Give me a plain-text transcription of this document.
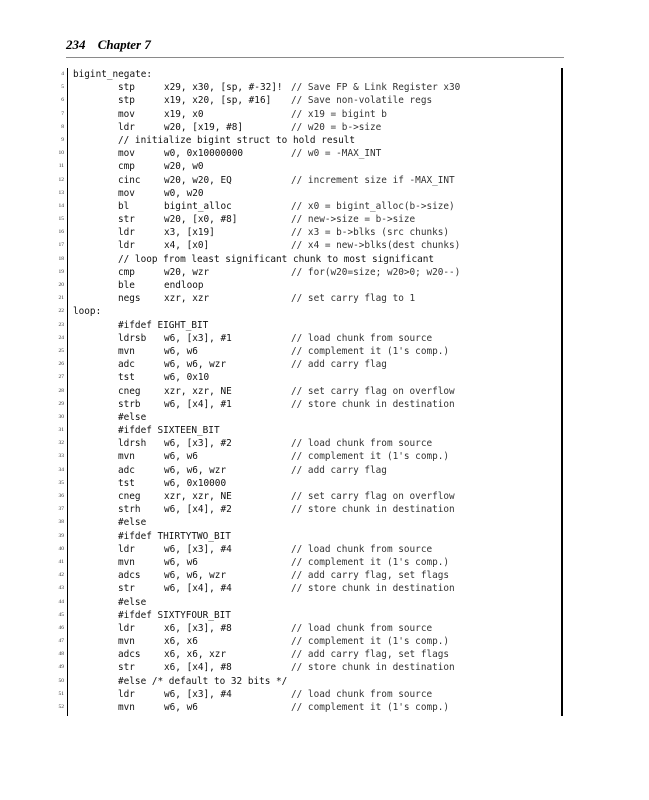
234 Chapter 7
4
5
6
7
8
9
10
11
12
13
14
15
16
17
18
19
20
21
22
23
24
25
26
27
28
29
30
31
32
33
34
35
36
37
38
39
40
41
42
43
44
45
46
47
48
49
50
51
52
bigint_negate:
stp	x29, x30, [sp, #-32]! // Save FP & Link Register x30
stp	x19, x20, [sp, #16] // Save non-volatile regs
mov	x19, x0	// x19 = bigint b
ldr	w20, [x19, #8]	// w20 = b->size
// initialize bigint struct to hold result
mov	w0, 0x10000000	// w0 = -MAX_INT
cmp	w20, w0
cinc w20, w20, EQ	// increment size if -MAX_INT
mov	w0, w20
bl	bigint_alloc	// x0 = bigint_alloc(b->size)
str	w20, [x0, #8]	// new->size = b->size
ldr	x3, [x19]	// x3 = b->blks (src chunks)
ldr	x4, [x0]	// x4 = new->blks(dest chunks)
// loop from least significant chunk to most significant
cmp	w20, wzr	// for(w20=size; w20>0; w20--)
ble	endloop
negs xzr, xzr	// set carry flag to 1
loop:
#ifdef EIGHT_BIT
ldrsb w6, [x3], #1	// load chunk from source
mvn	w6, w6	// complement it (1's comp.)
adc	w6, w6, wzr	// add carry flag
tst	w6, 0x10
cneg xzr, xzr, NE	// set carry flag on overflow
strb w6, [x4], #1	// store chunk in destination
#else
#ifdef SIXTEEN_BIT
ldrsh w6, [x3], #2	// load chunk from source
mvn	w6, w6	// complement it (1's comp.)
adc	w6, w6, wzr	// add carry flag
tst	w6, 0x10000
cneg xzr, xzr, NE	// set carry flag on overflow
strh w6, [x4], #2	// store chunk in destination
#else
#ifdef THIRTYTWO_BIT
ldr	w6, [x3], #4	// load chunk from source
mvn	w6, w6	// complement it (1's comp.)
adcs w6, w6, wzr	// add carry flag, set flags
str	w6, [x4], #4	// store chunk in destination
#else
#ifdef SIXTYFOUR_BIT
ldr	x6, [x3], #8	// load chunk from source
mvn	x6, x6	// complement it (1's comp.)
adcs x6, x6, xzr	// add carry flag, set flags
str	x6, [x4], #8	// store chunk in destination
#else /* default to 32 bits */
ldr	w6, [x3], #4	// load chunk from source
mvn	w6, w6	// complement it (1's comp.)
